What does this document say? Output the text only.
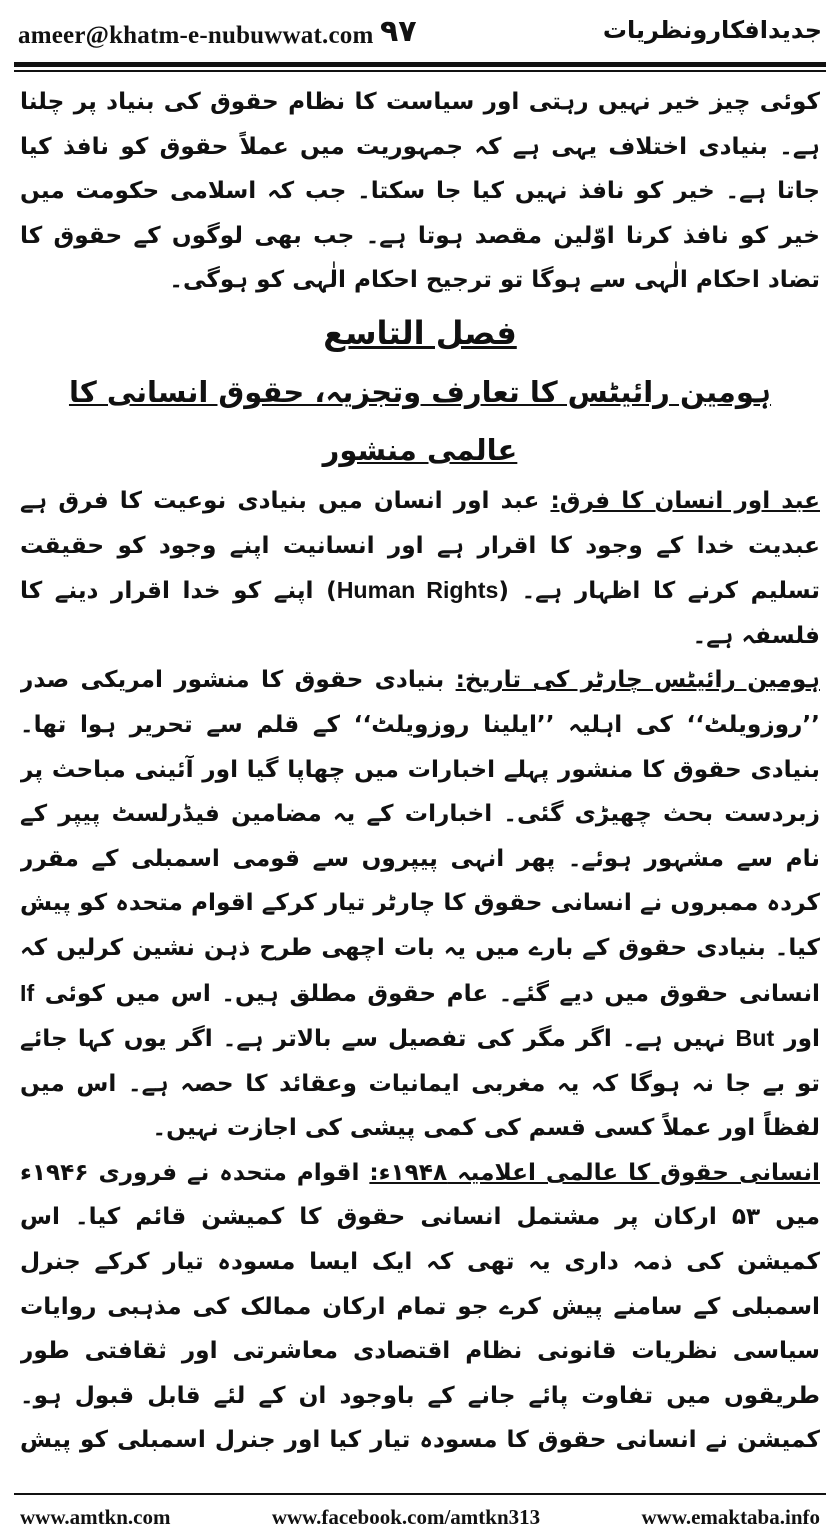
ameer@khatm-e-nubuwwat.com ۹۷	جدیدافکارونظریات

کوئی چیز خیر نہیں رہتی اور سیاست کا نظام حقوق کی بنیاد پر چلنا ہے۔ بنیادی اختلاف یہی ہے کہ جمہوریت میں عملاً حقوق کو نافذ کیا جاتا ہے۔ خیر کو نافذ نہیں کیا جا سکتا۔ جب کہ اسلامی حکومت میں خیر کو نافذ کرنا اوّلین مقصد ہوتا ہے۔ جب بھی لوگوں کے حقوق کا تضاد احکام الٰہی سے ہوگا تو ترجیح احکام الٰہی کو ہوگی۔

فصل التاسع

ہومین رائیٹس کا تعارف وتجزیہ، حقوق انسانی کا عالمی منشور

عبد اور انسان کا فرق: عبد اور انسان میں بنیادی نوعیت کا فرق ہے عبدیت خدا کے وجود کا اقرار ہے اور انسانیت اپنے وجود کو حقیقت تسلیم کرنے کا اظہار ہے۔ (Human Rights) اپنے کو خدا اقرار دینے کا فلسفہ ہے۔

ہومین رائیٹس چارٹر کی تاریخ: بنیادی حقوق کا منشور امریکی صدر ’’روزویلٹ‘‘ کی اہلیہ ’’ایلینا روزویلٹ‘‘ کے قلم سے تحریر ہوا تھا۔ بنیادی حقوق کا منشور پہلے اخبارات میں چھاپا گیا اور آئینی مباحث پر زبردست بحث چھیڑی گئی۔ اخبارات کے یہ مضامین فیڈرلسٹ پیپر کے نام سے مشہور ہوئے۔ پھر انہی پیپروں سے قومی اسمبلی کے مقرر کردہ ممبروں نے انسانی حقوق کا چارٹر تیار کرکے اقوام متحدہ کو پیش کیا۔ بنیادی حقوق کے بارے میں یہ بات اچھی طرح ذہن نشین کرلیں کہ انسانی حقوق میں دیے گئے۔ عام حقوق مطلق ہیں۔ اس میں کوئی If اور But نہیں ہے۔ اگر مگر کی تفصیل سے بالاتر ہے۔ اگر یوں کہا جائے تو بے جا نہ ہوگا کہ یہ مغربی ایمانیات وعقائد کا حصہ ہے۔ اس میں لفظاً اور عملاً کسی قسم کی کمی پیشی کی اجازت نہیں۔

انسانی حقوق کا عالمی اعلامیہ ۱۹۴۸ء: اقوام متحدہ نے فروری ۱۹۴۶ء میں ۵۳ ارکان پر مشتمل انسانی حقوق کا کمیشن قائم کیا۔ اس کمیشن کی ذمہ داری یہ تھی کہ ایک ایسا مسودہ تیار کرکے جنرل اسمبلی کے سامنے پیش کرے جو تمام ارکان ممالک کی مذہبی روایات سیاسی نظریات قانونی نظام اقتصادی معاشرتی اور ثقافتی طور طریقوں میں تفاوت پائے جانے کے باوجود ان کے لئے قابل قبول ہو۔ کمیشن نے انسانی حقوق کا مسودہ تیار کیا اور جنرل اسمبلی کو پیش

www.amtkn.com	www.facebook.com/amtkn313	www.emaktaba.info
